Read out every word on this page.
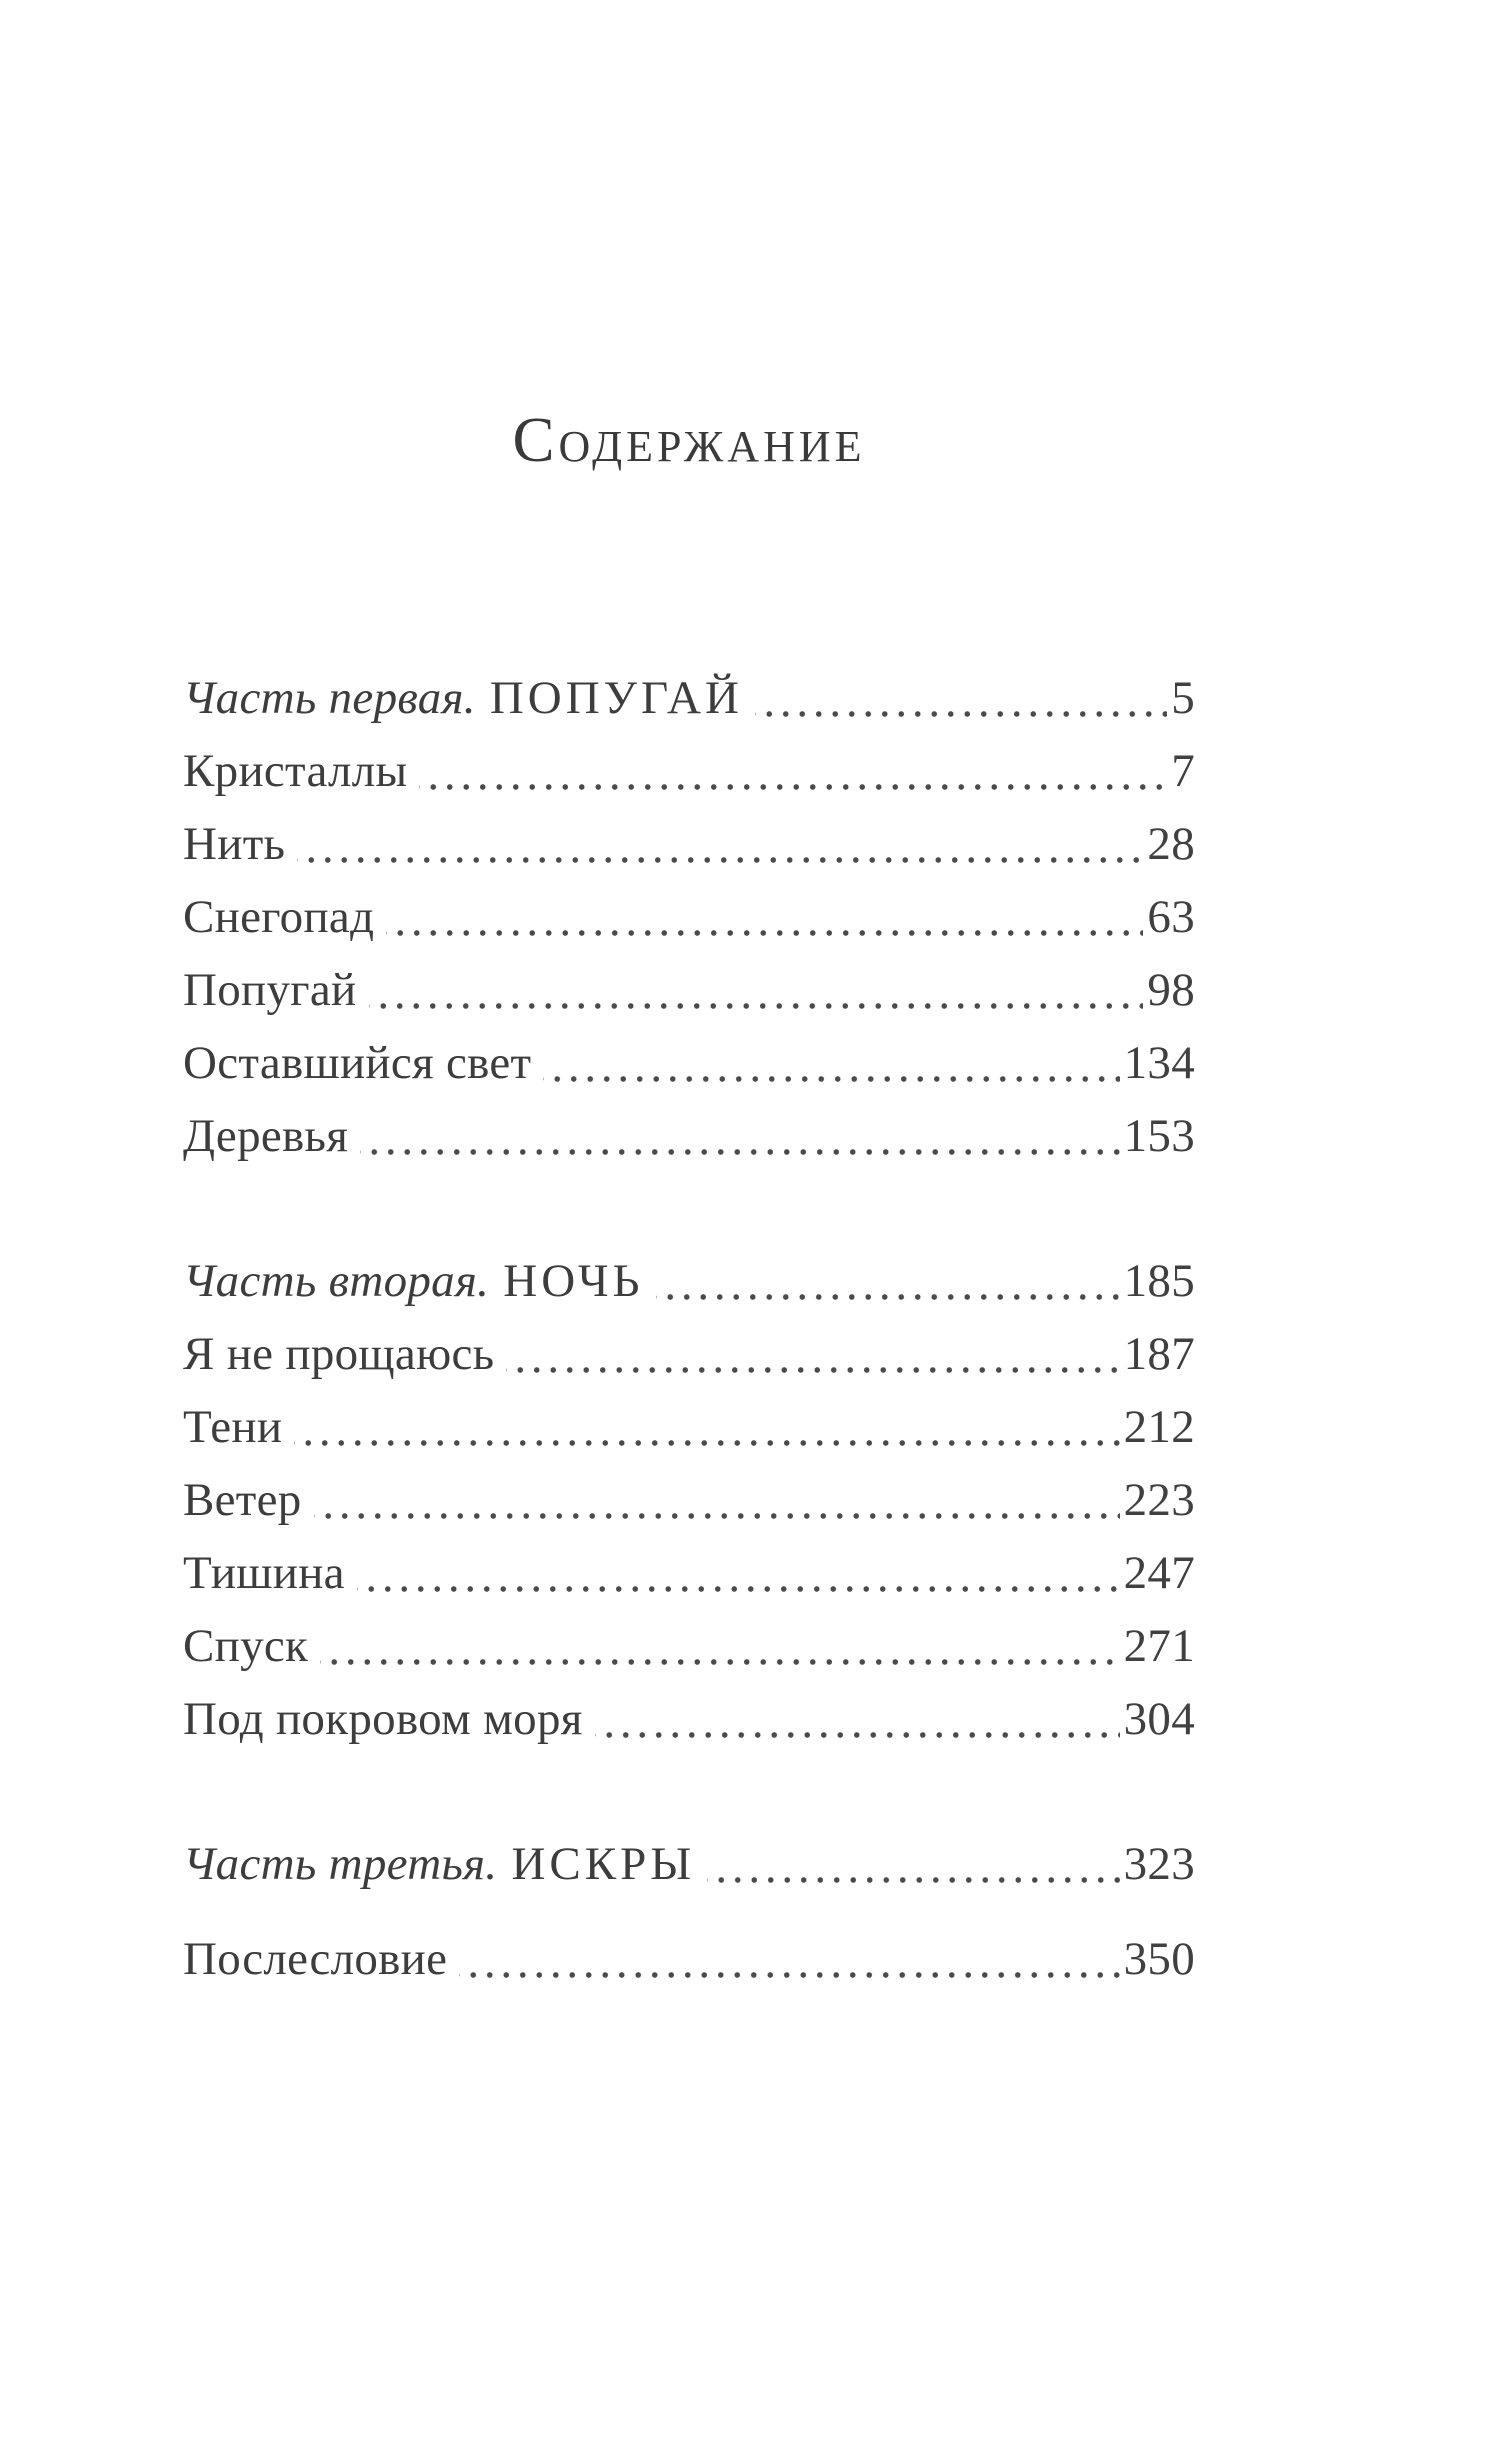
Содержание
Часть первая. ПОПУГАЙ	5
Кристаллы	7
Нить	28
Снегопад	63
Попугай	98
Оставшийся свет	134
Деревья	153
Часть вторая. НОЧЬ	185
Я не прощаюсь	187
Тени	212
Ветер	223
Тишина	247
Спуск	271
Под покровом моря	304
Часть третья. ИСКРЫ	323
Послесловие	350
